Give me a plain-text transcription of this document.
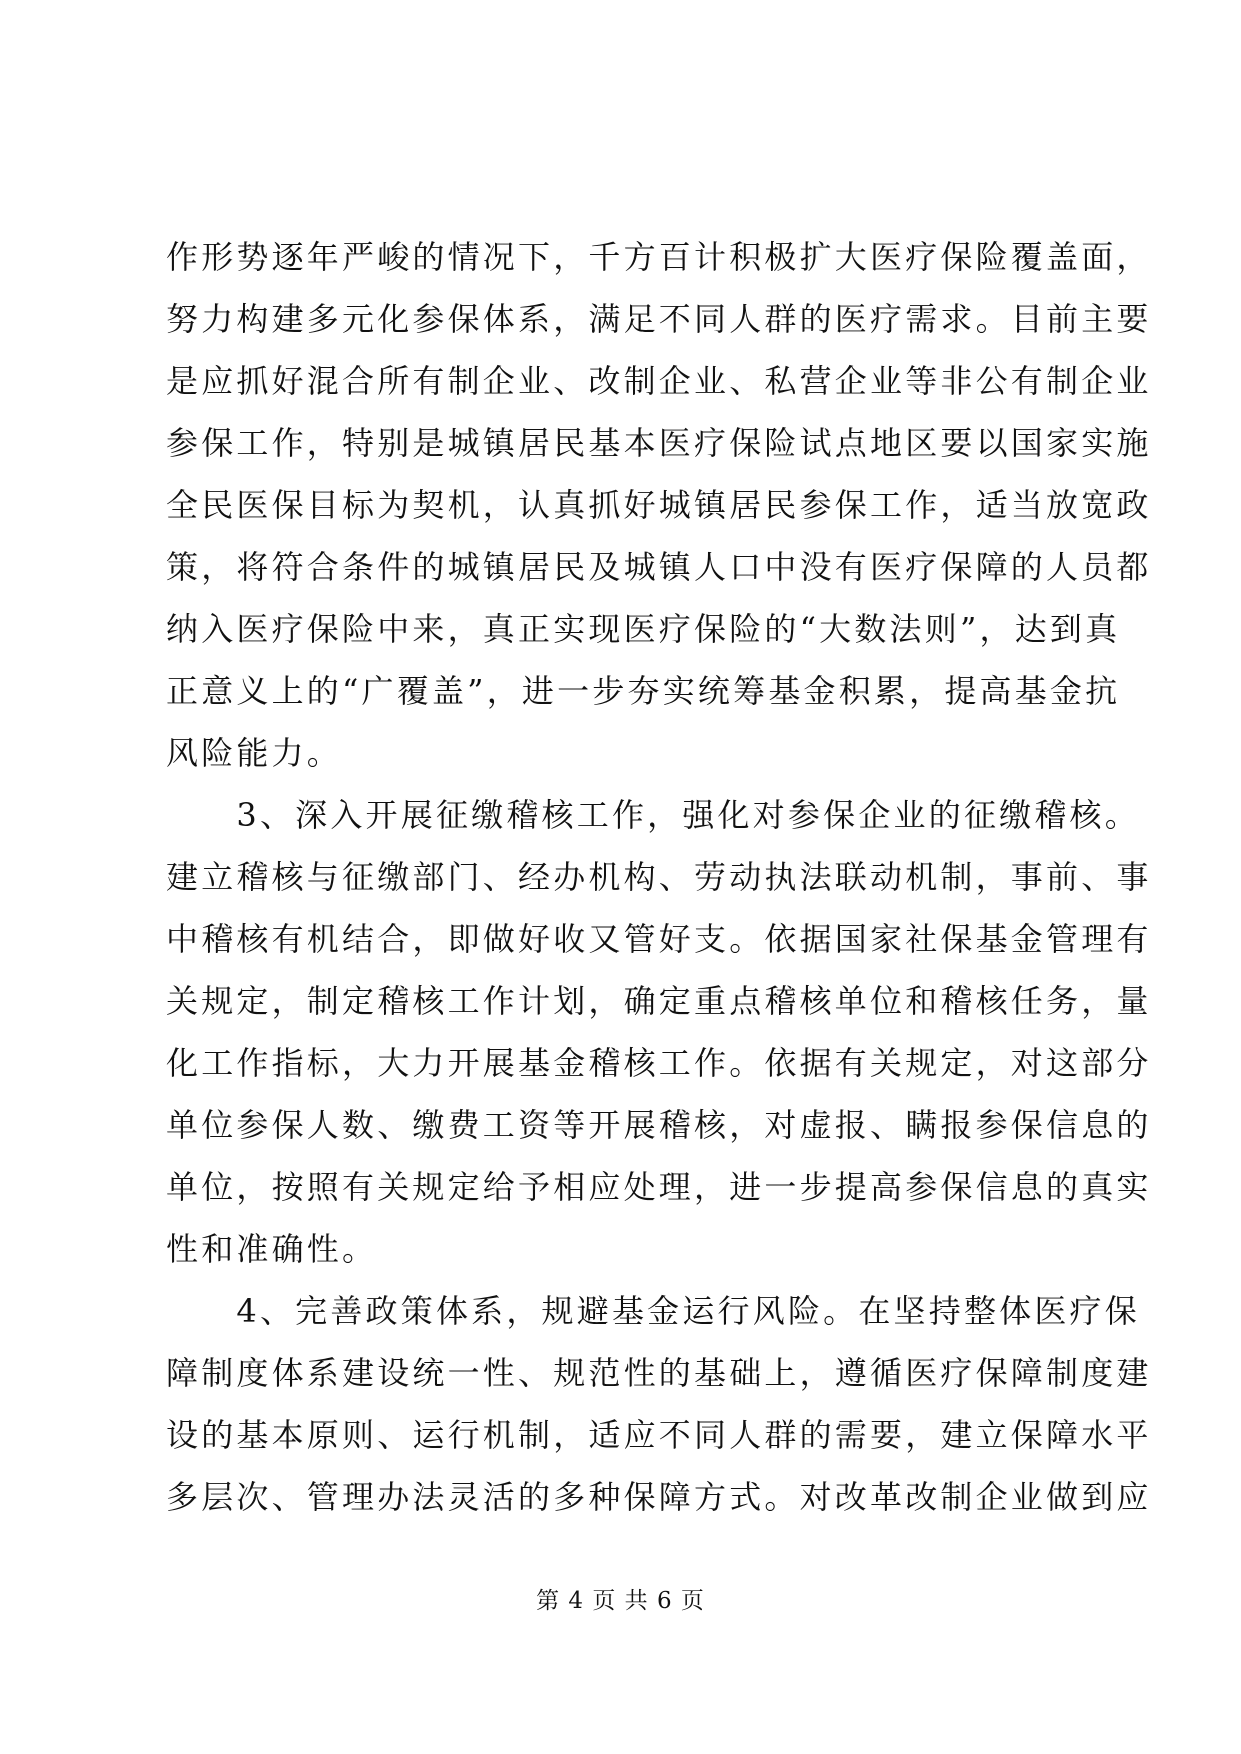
作形势逐年严峻的情况下，千方百计积极扩大医疗保险覆盖面，
努力构建多元化参保体系，满足不同人群的医疗需求。目前主要
是应抓好混合所有制企业、改制企业、私营企业等非公有制企业
参保工作，特别是城镇居民基本医疗保险试点地区要以国家实施
全民医保目标为契机，认真抓好城镇居民参保工作，适当放宽政
策，将符合条件的城镇居民及城镇人口中没有医疗保障的人员都
纳入医疗保险中来，真正实现医疗保险的“大数法则”，达到真
正意义上的“广覆盖”，进一步夯实统筹基金积累，提高基金抗
风险能力。
　　3、深入开展征缴稽核工作，强化对参保企业的征缴稽核。
建立稽核与征缴部门、经办机构、劳动执法联动机制，事前、事
中稽核有机结合，即做好收又管好支。依据国家社保基金管理有
关规定，制定稽核工作计划，确定重点稽核单位和稽核任务，量
化工作指标，大力开展基金稽核工作。依据有关规定，对这部分
单位参保人数、缴费工资等开展稽核，对虚报、瞒报参保信息的
单位，按照有关规定给予相应处理，进一步提高参保信息的真实
性和准确性。
　　4、完善政策体系，规避基金运行风险。在坚持整体医疗保
障制度体系建设统一性、规范性的基础上，遵循医疗保障制度建
设的基本原则、运行机制，适应不同人群的需要，建立保障水平
多层次、管理办法灵活的多种保障方式。对改革改制企业做到应
第 4 页 共 6 页
